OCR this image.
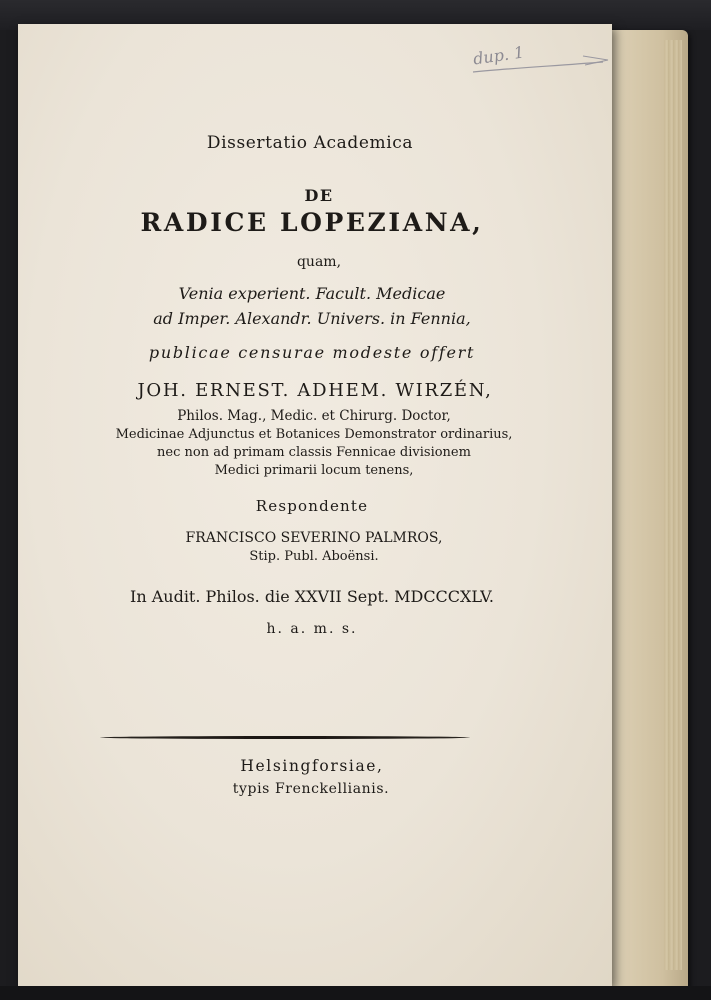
dup. 1
Dissertatio Academica
DE
RADICE LOPEZIANA,
quam,
Venia experient. Facult. Medicae
ad Imper. Alexandr. Univers. in Fennia,
publicae censurae modeste offert
JOH. ERNEST. ADHEM. WIRZÉN,
Philos. Mag., Medic. et Chirurg. Doctor,
Medicinae Adjunctus et Botanices Demonstrator ordinarius,
nec non ad primam classis Fennicae divisionem
Medici primarii locum tenens,
Respondente
FRANCISCO SEVERINO PALMROS,
Stip. Publ. Aboënsi.
In Audit. Philos. die XXVII Sept. MDCCCXLV.
h. a. m. s.
Helsingforsiae,
typis Frenckellianis.
